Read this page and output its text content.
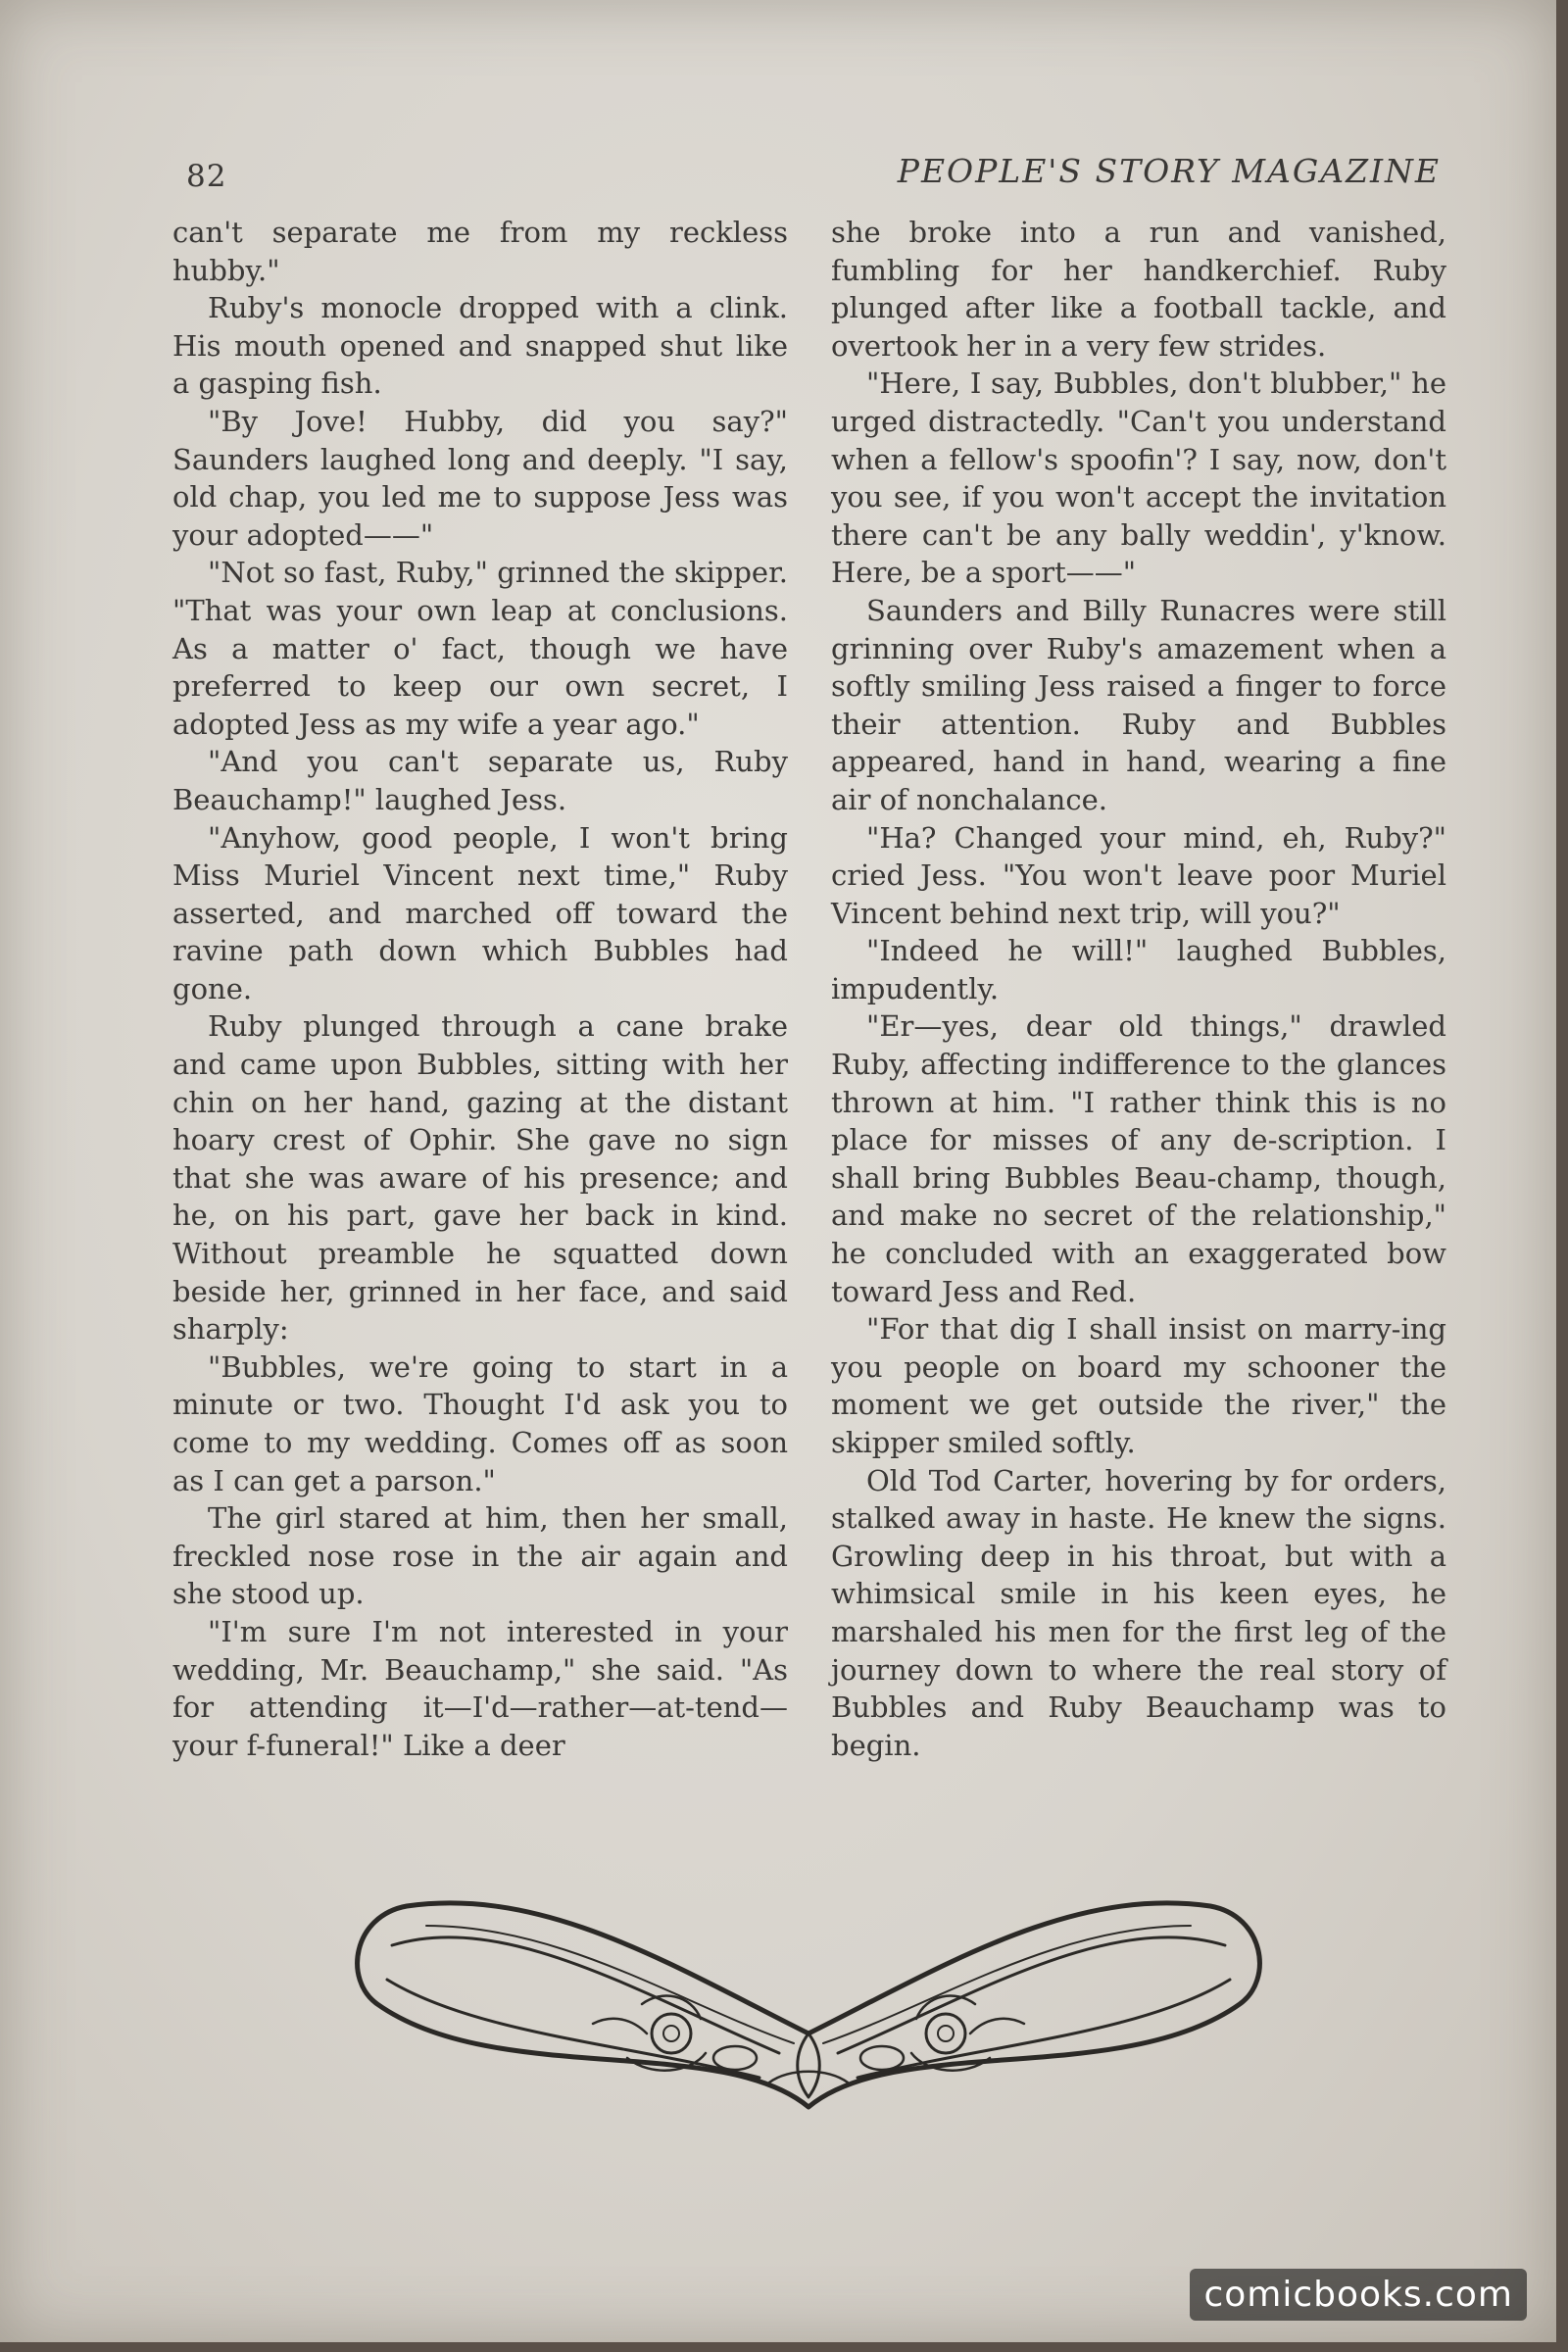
82	PEOPLE'S STORY MAGAZINE

can't separate me from my reckless hubby."

Ruby's monocle dropped with a clink. His mouth opened and snapped shut like a gasping fish.

"By Jove! Hubby, did you say?" Saunders laughed long and deeply. "I say, old chap, you led me to suppose Jess was your adopted——"

"Not so fast, Ruby," grinned the skipper. "That was your own leap at conclusions. As a matter o' fact, though we have preferred to keep our own secret, I adopted Jess as my wife a year ago."

"And you can't separate us, Ruby Beauchamp!" laughed Jess.

"Anyhow, good people, I won't bring Miss Muriel Vincent next time," Ruby asserted, and marched off toward the ravine path down which Bubbles had gone.

Ruby plunged through a cane brake and came upon Bubbles, sitting with her chin on her hand, gazing at the distant hoary crest of Ophir. She gave no sign that she was aware of his presence; and he, on his part, gave her back in kind. Without preamble he squatted down beside her, grinned in her face, and said sharply:

"Bubbles, we're going to start in a minute or two. Thought I'd ask you to come to my wedding. Comes off as soon as I can get a parson."

The girl stared at him, then her small, freckled nose rose in the air again and she stood up.

"I'm sure I'm not interested in your wedding, Mr. Beauchamp," she said. "As for attending it—I'd—rather—at-tend—your f-funeral!" Like a deer

she broke into a run and vanished, fumbling for her handkerchief. Ruby plunged after like a football tackle, and overtook her in a very few strides.

"Here, I say, Bubbles, don't blubber," he urged distractedly. "Can't you understand when a fellow's spoofin'? I say, now, don't you see, if you won't accept the invitation there can't be any bally weddin', y'know. Here, be a sport——"

Saunders and Billy Runacres were still grinning over Ruby's amazement when a softly smiling Jess raised a finger to force their attention. Ruby and Bubbles appeared, hand in hand, wearing a fine air of nonchalance.

"Ha? Changed your mind, eh, Ruby?" cried Jess. "You won't leave poor Muriel Vincent behind next trip, will you?"

"Indeed he will!" laughed Bubbles, impudently.

"Er—yes, dear old things," drawled Ruby, affecting indifference to the glances thrown at him. "I rather think this is no place for misses of any de-scription. I shall bring Bubbles Beau-champ, though, and make no secret of the relationship," he concluded with an exaggerated bow toward Jess and Red.

"For that dig I shall insist on marry-ing you people on board my schooner the moment we get outside the river," the skipper smiled softly.

Old Tod Carter, hovering by for orders, stalked away in haste. He knew the signs. Growling deep in his throat, but with a whimsical smile in his keen eyes, he marshaled his men for the first leg of the journey down to where the real story of Bubbles and Ruby Beauchamp was to begin.

comicbooks.com
